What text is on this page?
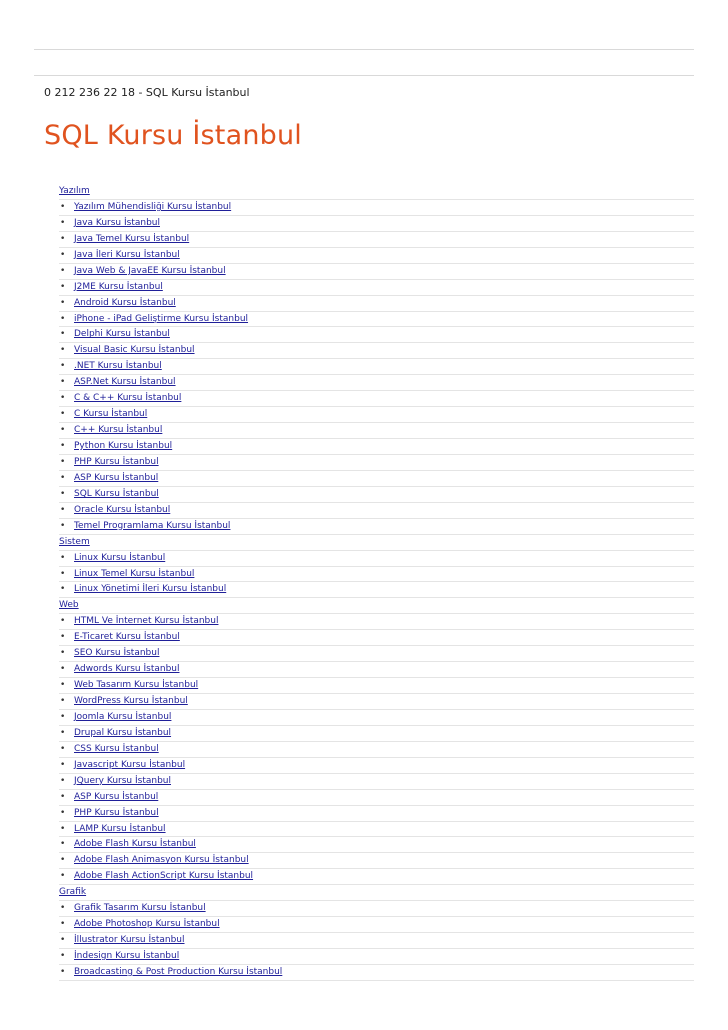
0 212 236 22 18 - SQL Kursu İstanbul
SQL Kursu İstanbul
Yazılım
• Yazılım Mühendisliği Kursu İstanbul
• Java Kursu İstanbul
• Java Temel Kursu İstanbul
• Java İleri Kursu İstanbul
• Java Web & JavaEE Kursu İstanbul
• J2ME Kursu İstanbul
• Android Kursu İstanbul
• iPhone - iPad Geliştirme Kursu İstanbul
• Delphi Kursu İstanbul
• Visual Basic Kursu İstanbul
• .NET Kursu İstanbul
• ASP.Net Kursu İstanbul
• C & C++ Kursu İstanbul
• C Kursu İstanbul
• C++ Kursu İstanbul
• Python Kursu İstanbul
• PHP Kursu İstanbul
• ASP Kursu İstanbul
• SQL Kursu İstanbul
• Oracle Kursu İstanbul
• Temel Programlama Kursu İstanbul
Sistem
• Linux Kursu İstanbul
• Linux Temel Kursu İstanbul
• Linux Yönetimi İleri Kursu İstanbul
Web
• HTML Ve İnternet Kursu İstanbul
• E-Ticaret Kursu İstanbul
• SEO Kursu İstanbul
• Adwords Kursu İstanbul
• Web Tasarım Kursu İstanbul
• WordPress Kursu İstanbul
• Joomla Kursu İstanbul
• Drupal Kursu İstanbul
• CSS Kursu İstanbul
• Javascript Kursu İstanbul
• JQuery Kursu İstanbul
• ASP Kursu İstanbul
• PHP Kursu İstanbul
• LAMP Kursu İstanbul
• Adobe Flash Kursu İstanbul
• Adobe Flash Animasyon Kursu İstanbul
• Adobe Flash ActionScript Kursu İstanbul
Grafik
• Grafik Tasarım Kursu İstanbul
• Adobe Photoshop Kursu İstanbul
• İllustrator Kursu İstanbul
• İndesign Kursu İstanbul
• Broadcasting & Post Production Kursu İstanbul
